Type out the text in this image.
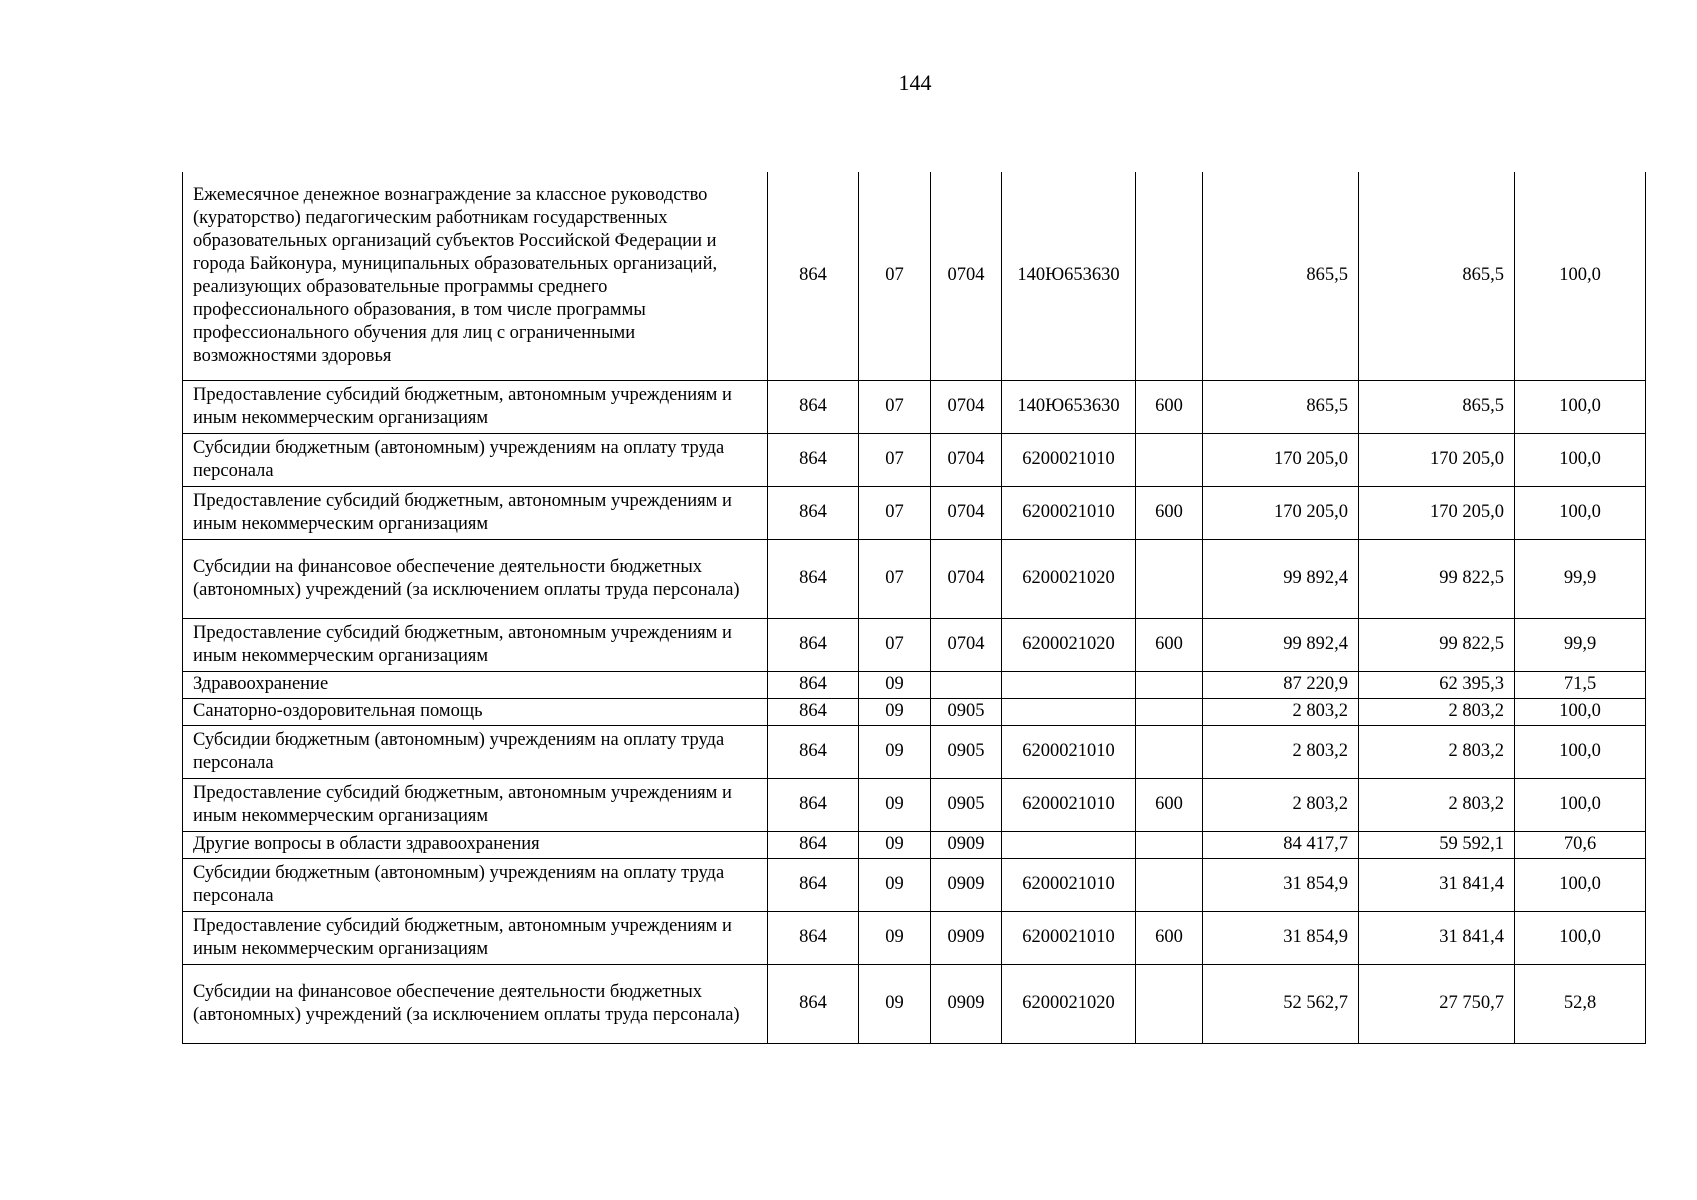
144
Ежемесячное денежное вознаграждение за классное руководство (кураторство) педагогическим работникам государственных образовательных организаций субъектов Российской Федерации и города Байконура, муниципальных образовательных организаций, реализующих образовательные программы среднего профессионального образования, в том числе программы профессионального обучения для лиц с ограниченными возможностями здоровья	864	07	0704	140Ю653630		865,5	865,5	100,0
Предоставление субсидий бюджетным, автономным учреждениям и иным некоммерческим организациям	864	07	0704	140Ю653630	600	865,5	865,5	100,0
Субсидии бюджетным (автономным) учреждениям на оплату труда персонала	864	07	0704	6200021010		170 205,0	170 205,0	100,0
Предоставление субсидий бюджетным, автономным учреждениям и иным некоммерческим организациям	864	07	0704	6200021010	600	170 205,0	170 205,0	100,0
Субсидии на финансовое обеспечение деятельности бюджетных (автономных) учреждений (за исключением оплаты труда персонала)	864	07	0704	6200021020		99 892,4	99 822,5	99,9
Предоставление субсидий бюджетным, автономным учреждениям и иным некоммерческим организациям	864	07	0704	6200021020	600	99 892,4	99 822,5	99,9
Здравоохранение	864	09				87 220,9	62 395,3	71,5
Санаторно-оздоровительная помощь	864	09	0905			2 803,2	2 803,2	100,0
Субсидии бюджетным (автономным) учреждениям на оплату труда персонала	864	09	0905	6200021010		2 803,2	2 803,2	100,0
Предоставление субсидий бюджетным, автономным учреждениям и иным некоммерческим организациям	864	09	0905	6200021010	600	2 803,2	2 803,2	100,0
Другие вопросы в области здравоохранения	864	09	0909			84 417,7	59 592,1	70,6
Субсидии бюджетным (автономным) учреждениям на оплату труда персонала	864	09	0909	6200021010		31 854,9	31 841,4	100,0
Предоставление субсидий бюджетным, автономным учреждениям и иным некоммерческим организациям	864	09	0909	6200021010	600	31 854,9	31 841,4	100,0
Субсидии на финансовое обеспечение деятельности бюджетных (автономных) учреждений (за исключением оплаты труда персонала)	864	09	0909	6200021020		52 562,7	27 750,7	52,8
